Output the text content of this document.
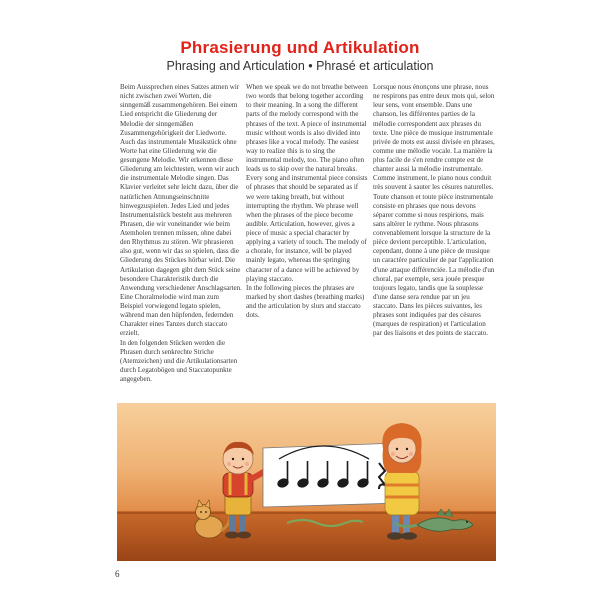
Phrasierung und Artikulation
Phrasing and Articulation • Phrasé et articulation

Beim Aussprechen eines Satzes atmen wir nicht zwischen zwei Worten, die sinngemäß zusammengehören. Bei einem Lied entspricht die Gliederung der Melodie der sinngemäßen Zusammengehörigkeit der Liedworte. Auch das instrumentale Musikstück ohne Worte hat eine Gliederung wie die gesungene Melodie. Wir erkennen diese Gliederung am leichtesten, wenn wir auch die instrumentale Melodie singen. Das Klavier verleitet sehr leicht dazu, über die natürlichen Atmungseinschnitte hinwegzuspielen. Jedes Lied und jedes Instrumentalstück besteht aus mehreren Phrasen, die wir voneinander wie beim Atemholen trennen müssen, ohne dabei den Rhythmus zu stören. Wir phrasieren also gut, wenn wir das so spielen, dass die Gliederung des Stückes hörbar wird. Die Artikulation dagegen gibt dem Stück seine besondere Charakteristik durch die Anwendung verschiedener Anschlagsarten. Eine Choralmelodie wird man zum Beispiel vorwiegend legato spielen, während man den hüpfenden, federnden Charakter eines Tanzes durch staccato erzielt.

In den folgenden Stücken werden die Phrasen durch senkrechte Striche (Atemzeichen) und die Artikulationsarten durch Legatobögen und Staccatopunkte angegeben.

When we speak we do not breathe between two words that belong together according to their meaning. In a song the different parts of the melody correspond with the phrases of the text. A piece of instrumental music without words is also divided into phrases like a vocal melody. The easiest way to realize this is to sing the instrumental melody, too. The piano often leads us to skip over the natural breaks. Every song and instrumental piece consists of phrases that should be separated as if we were taking breath, but without interrupting the rhythm. We phrase well when the phrases of the piece become audible. Articulation, however, gives a piece of music a special character by applying a variety of touch. The melody of a chorale, for instance, will be played mainly legato, whereas the springing character of a dance will be achieved by playing staccato.

In the following pieces the phrases are marked by short dashes (breathing marks) and the articulation by slurs and staccato dots.

Lorsque nous énonçons une phrase, nous ne respirons pas entre deux mots qui, selon leur sens, vont ensemble. Dans une chanson, les différentes parties de la mélodie correspondent aux phrases du texte. Une pièce de musique instrumentale privée de mots est aussi divisée en phrases, comme une mélodie vocale. La manière la plus facile de s'en rendre compte est de chanter aussi la mélodie instrumentale. Comme instrument, le piano nous conduit très souvent à sauter les césures naturelles. Toute chanson et toute pièce instrumentale consiste en phrases que nous devons séparer comme si nous respirions, mais sans altérer le rythme. Nous phrasons convenablement lorsque la structure de la pièce devient perceptible. L'articulation, cependant, donne à une pièce de musique un caractère particulier de par l'application d'une attaque différenciée. La mélodie d'un choral, par exemple, sera jouée presque toujours legato, tandis que la souplesse d'une danse sera rendue par un jeu staccato. Dans les pièces suivantes, les phrases sont indiquées par des césures (marques de respiration) et l'articulation par des liaisons et des points de staccato.

6
